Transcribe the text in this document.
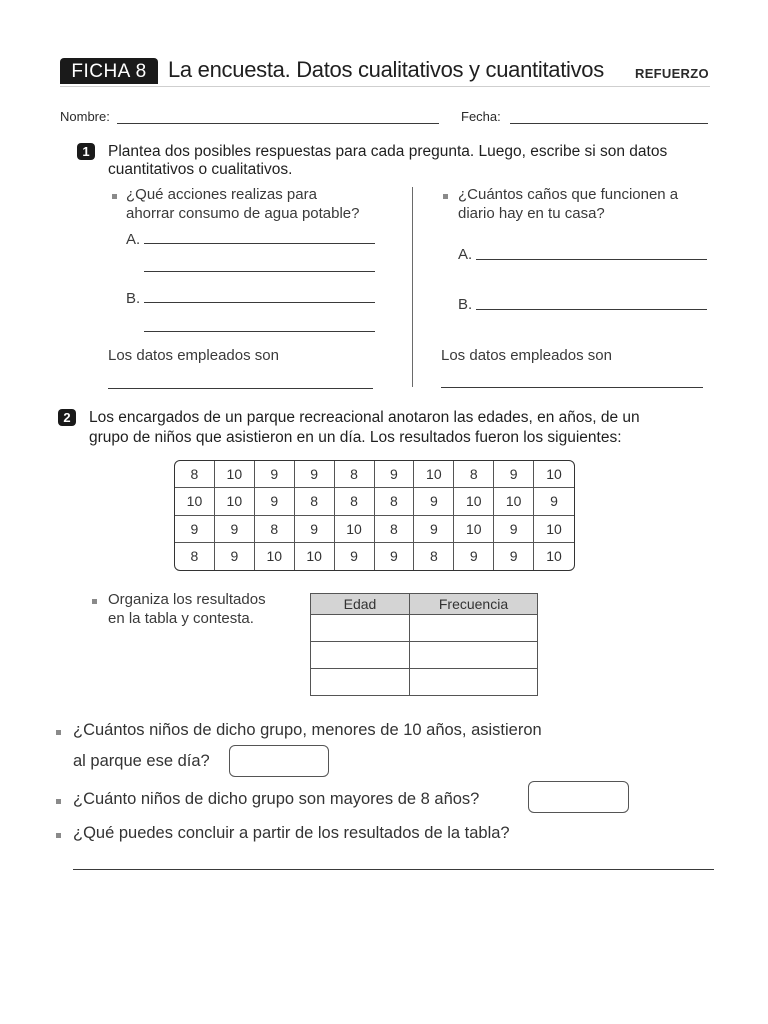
FICHA 8 La encuesta. Datos cualitativos y cuantitativos REFUERZO
Nombre:	Fecha:
1	Plantea dos posibles respuestas para cada pregunta. Luego, escribe si son datos
cuantitativos o cualitativos.
¿Qué acciones realizas para
ahorrar consumo de agua potable?
A.
B.
Los datos empleados son
¿Cuántos caños que funcionen a
diario hay en tu casa?
A.
B.
Los datos empleados son
2	Los encargados de un parque recreacional anotaron las edades, en años, de un
grupo de niños que asistieron en un día. Los resultados fueron los siguientes:
8	10	9	9	8	9	10	8	9	10
10	10	9	8	8	8	9	10	10	9
9	9	8	9	10	8	9	10	9	10
8	9	10	10	9	9	8	9	9	10
Organiza los resultados
en la tabla y contesta.
Edad	Frecuencia

¿Cuántos niños de dicho grupo, menores de 10 años, asistieron
al parque ese día?
¿Cuánto niños de dicho grupo son mayores de 8 años?
¿Qué puedes concluir a partir de los resultados de la tabla?
